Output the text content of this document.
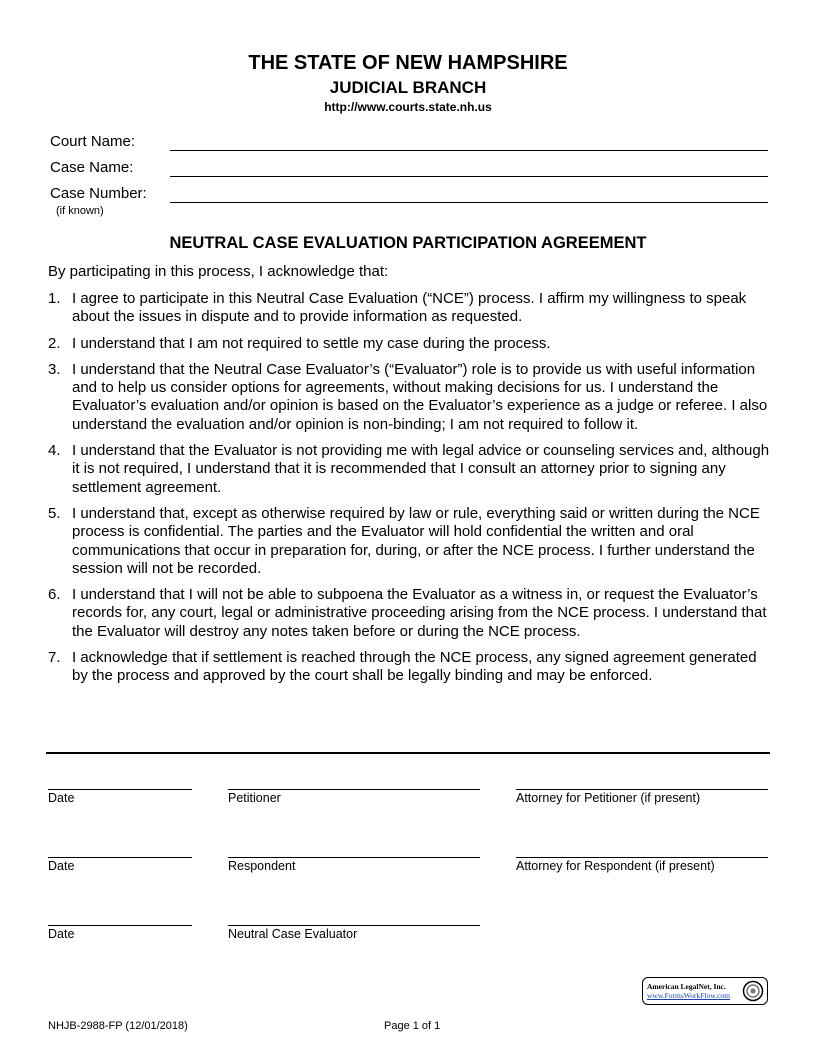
THE STATE OF NEW HAMPSHIRE
JUDICIAL BRANCH
http://www.courts.state.nh.us
Court Name:
Case Name:
Case Number:
(if known)
NEUTRAL CASE EVALUATION PARTICIPATION AGREEMENT
By participating in this process, I acknowledge that:
1. I agree to participate in this Neutral Case Evaluation (“NCE”) process. I affirm my willingness to speak about the issues in dispute and to provide information as requested.
2. I understand that I am not required to settle my case during the process.
3. I understand that the Neutral Case Evaluator’s (“Evaluator”) role is to provide us with useful information and to help us consider options for agreements, without making decisions for us. I understand the Evaluator’s evaluation and/or opinion is based on the Evaluator’s experience as a judge or referee. I also understand the evaluation and/or opinion is non-binding; I am not required to follow it.
4. I understand that the Evaluator is not providing me with legal advice or counseling services and, although it is not required, I understand that it is recommended that I consult an attorney prior to signing any settlement agreement.
5. I understand that, except as otherwise required by law or rule, everything said or written during the NCE process is confidential. The parties and the Evaluator will hold confidential the written and oral communications that occur in preparation for, during, or after the NCE process. I further understand the session will not be recorded.
6. I understand that I will not be able to subpoena the Evaluator as a witness in, or request the Evaluator’s records for, any court, legal or administrative proceeding arising from the NCE process. I understand that the Evaluator will destroy any notes taken before or during the NCE process.
7. I acknowledge that if settlement is reached through the NCE process, any signed agreement generated by the process and approved by the court shall be legally binding and may be enforced.
Date	Petitioner	Attorney for Petitioner (if present)
Date	Respondent	Attorney for Respondent (if present)
Date	Neutral Case Evaluator
American LegalNet, Inc.
www.FormsWorkFlow.com
NHJB-2988-FP (12/01/2018)	Page 1 of 1
